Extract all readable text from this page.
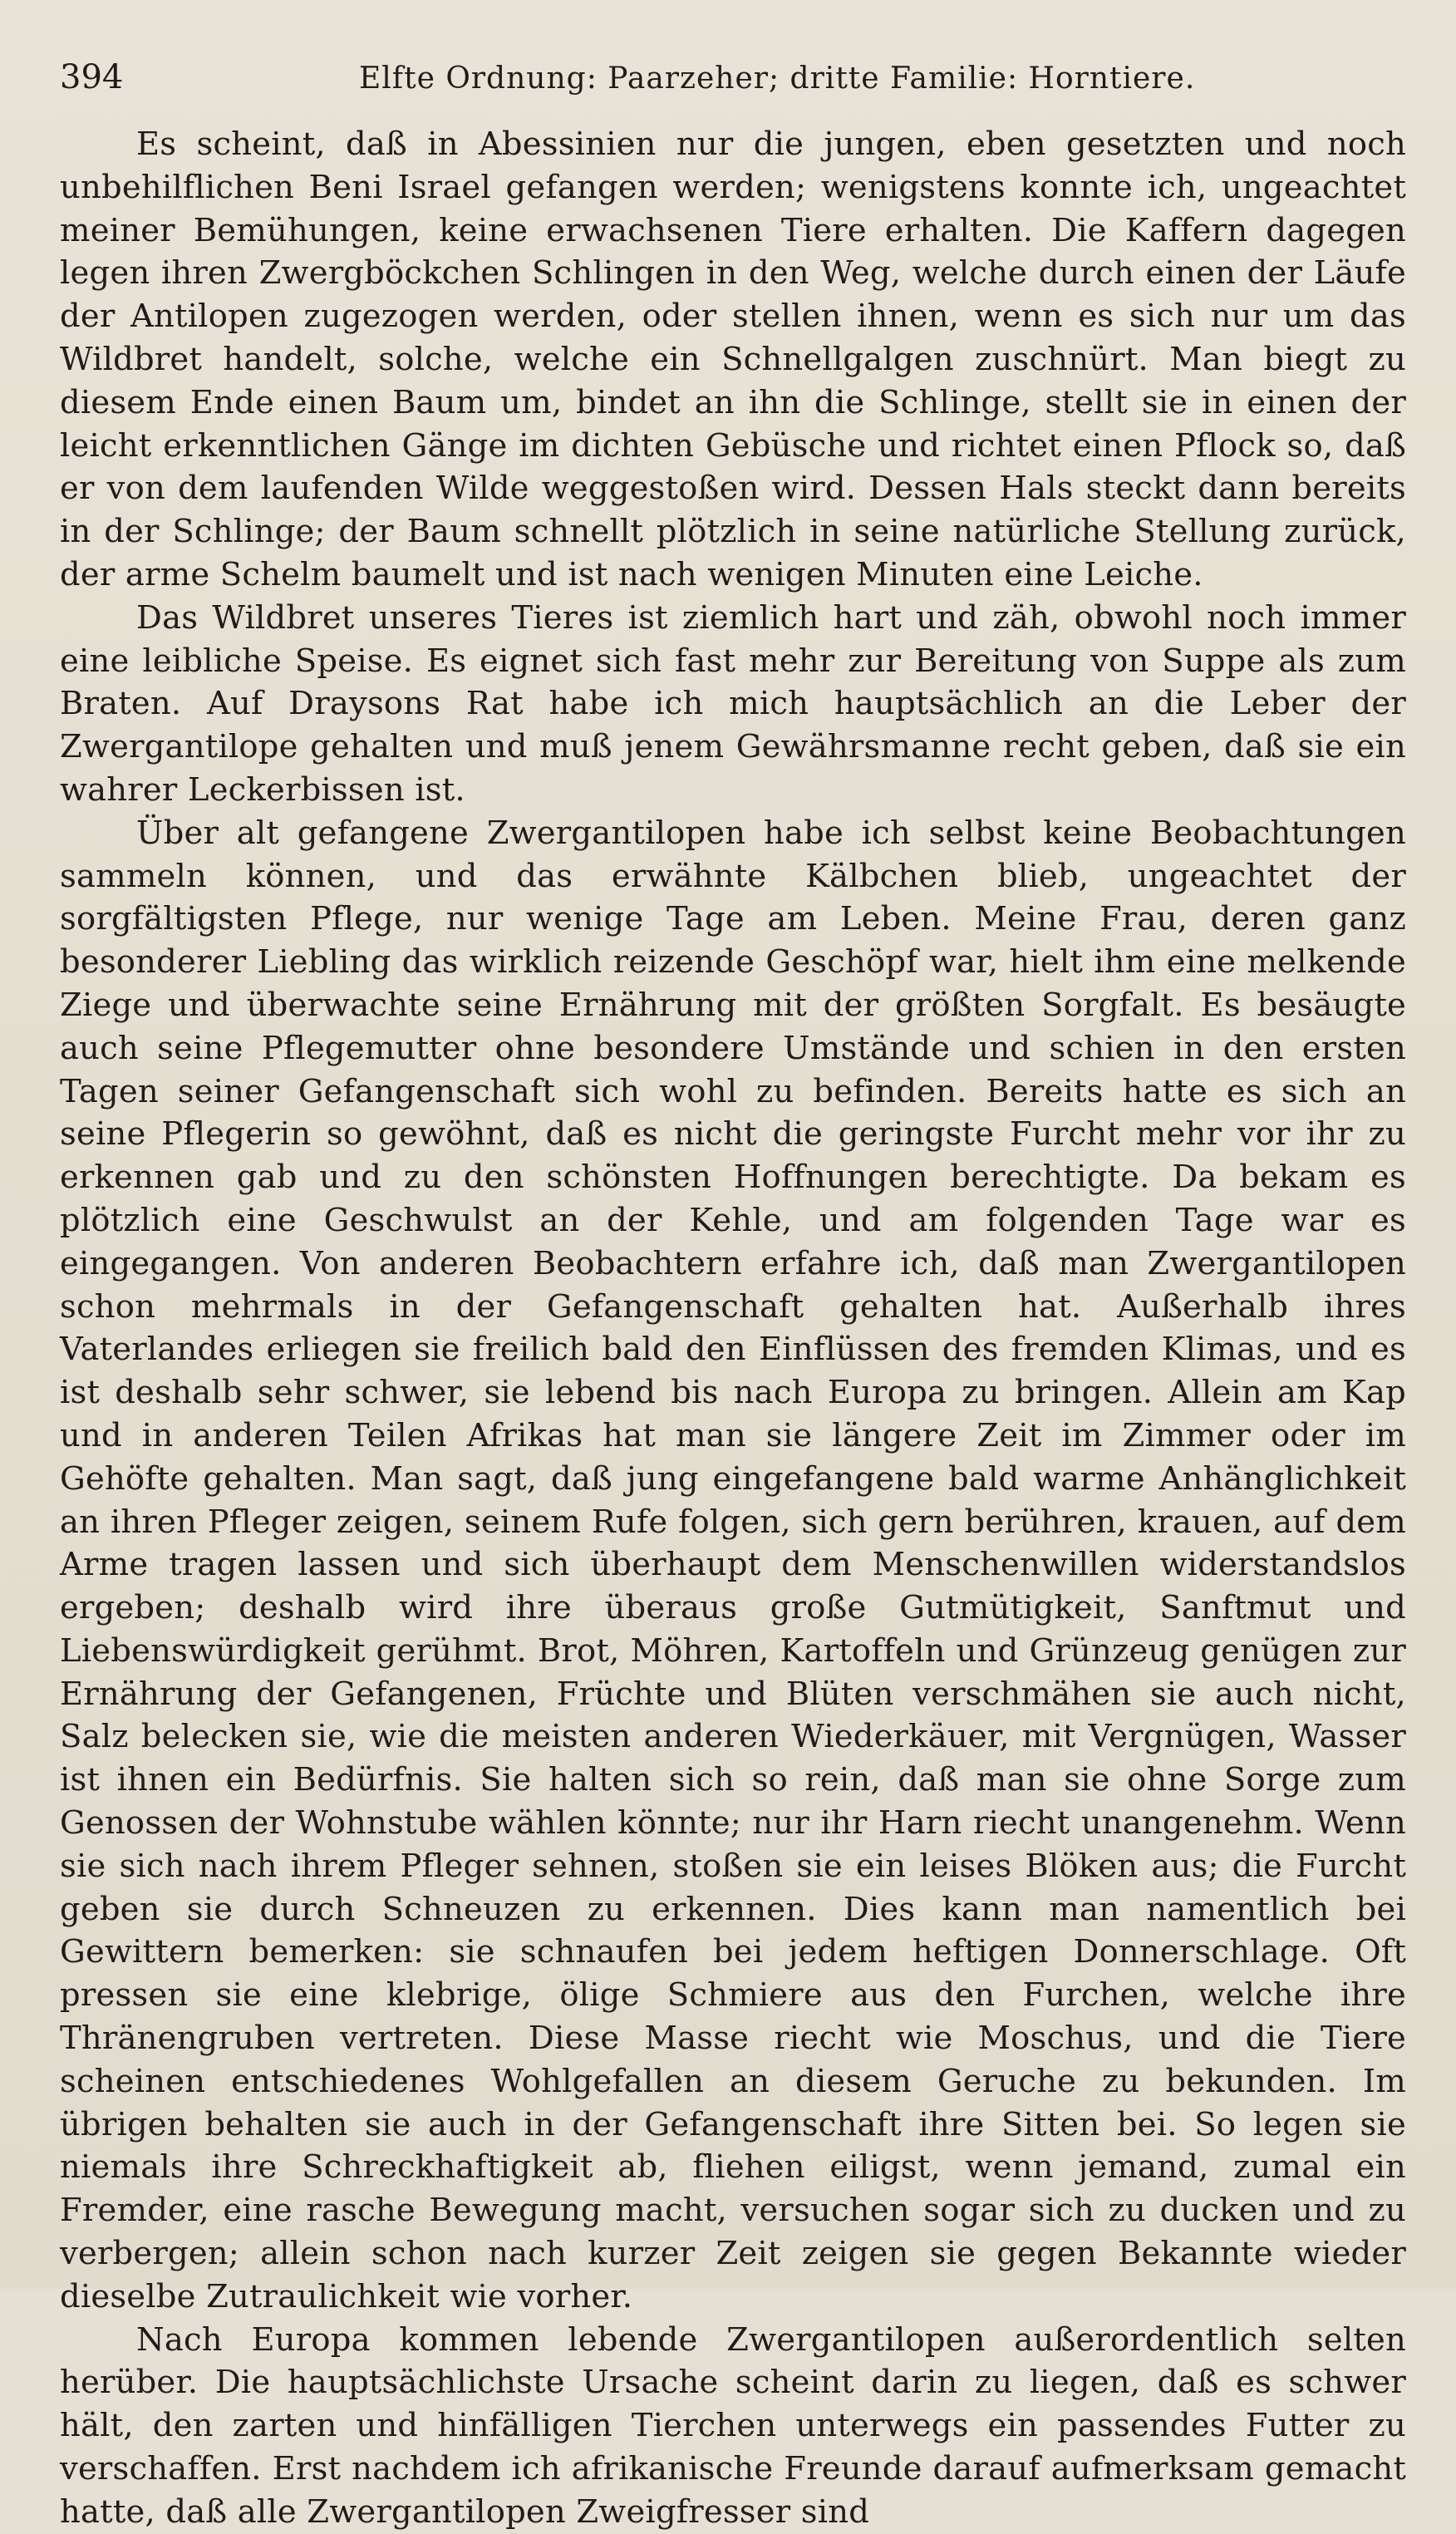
394	Elfte Ordnung: Paarzeher; dritte Familie: Horntiere.

Es scheint, daß in Abessinien nur die jungen, eben gesetzten und noch unbehilflichen Beni Israel gefangen werden; wenigstens konnte ich, ungeachtet meiner Bemühungen, keine erwachsenen Tiere erhalten. Die Kaffern dagegen legen ihren Zwergböckchen Schlingen in den Weg, welche durch einen der Läufe der Antilopen zugezogen werden, oder stellen ihnen, wenn es sich nur um das Wildbret handelt, solche, welche ein Schnellgalgen zuschnürt. Man biegt zu diesem Ende einen Baum um, bindet an ihn die Schlinge, stellt sie in einen der leicht erkenntlichen Gänge im dichten Gebüsche und richtet einen Pflock so, daß er von dem laufenden Wilde weggestoßen wird. Dessen Hals steckt dann bereits in der Schlinge; der Baum schnellt plötzlich in seine natürliche Stellung zurück, der arme Schelm baumelt und ist nach wenigen Minuten eine Leiche.

Das Wildbret unseres Tieres ist ziemlich hart und zäh, obwohl noch immer eine leibliche Speise. Es eignet sich fast mehr zur Bereitung von Suppe als zum Braten. Auf Draysons Rat habe ich mich hauptsächlich an die Leber der Zwergantilope gehalten und muß jenem Gewährsmanne recht geben, daß sie ein wahrer Leckerbissen ist.

Über alt gefangene Zwergantilopen habe ich selbst keine Beobachtungen sammeln können, und das erwähnte Kälbchen blieb, ungeachtet der sorgfältigsten Pflege, nur wenige Tage am Leben. Meine Frau, deren ganz besonderer Liebling das wirklich reizende Geschöpf war, hielt ihm eine melkende Ziege und überwachte seine Ernährung mit der größten Sorgfalt. Es besäugte auch seine Pflegemutter ohne besondere Umstände und schien in den ersten Tagen seiner Gefangenschaft sich wohl zu befinden. Bereits hatte es sich an seine Pflegerin so gewöhnt, daß es nicht die geringste Furcht mehr vor ihr zu erkennen gab und zu den schönsten Hoffnungen berechtigte. Da bekam es plötzlich eine Geschwulst an der Kehle, und am folgenden Tage war es eingegangen. Von anderen Beobachtern erfahre ich, daß man Zwergantilopen schon mehrmals in der Gefangenschaft gehalten hat. Außerhalb ihres Vaterlandes erliegen sie freilich bald den Einflüssen des fremden Klimas, und es ist deshalb sehr schwer, sie lebend bis nach Europa zu bringen. Allein am Kap und in anderen Teilen Afrikas hat man sie längere Zeit im Zimmer oder im Gehöfte gehalten. Man sagt, daß jung eingefangene bald warme Anhänglichkeit an ihren Pfleger zeigen, seinem Rufe folgen, sich gern berühren, krauen, auf dem Arme tragen lassen und sich überhaupt dem Menschenwillen widerstandslos ergeben; deshalb wird ihre überaus große Gutmütigkeit, Sanftmut und Liebenswürdigkeit gerühmt. Brot, Möhren, Kartoffeln und Grünzeug genügen zur Ernährung der Gefangenen, Früchte und Blüten verschmähen sie auch nicht, Salz belecken sie, wie die meisten anderen Wiederkäuer, mit Vergnügen, Wasser ist ihnen ein Bedürfnis. Sie halten sich so rein, daß man sie ohne Sorge zum Genossen der Wohnstube wählen könnte; nur ihr Harn riecht unangenehm. Wenn sie sich nach ihrem Pfleger sehnen, stoßen sie ein leises Blöken aus; die Furcht geben sie durch Schneuzen zu erkennen. Dies kann man namentlich bei Gewittern bemerken: sie schnaufen bei jedem heftigen Donnerschlage. Oft pressen sie eine klebrige, ölige Schmiere aus den Furchen, welche ihre Thränengruben vertreten. Diese Masse riecht wie Moschus, und die Tiere scheinen entschiedenes Wohlgefallen an diesem Geruche zu bekunden. Im übrigen behalten sie auch in der Gefangenschaft ihre Sitten bei. So legen sie niemals ihre Schreckhaftigkeit ab, fliehen eiligst, wenn jemand, zumal ein Fremder, eine rasche Bewegung macht, versuchen sogar sich zu ducken und zu verbergen; allein schon nach kurzer Zeit zeigen sie gegen Bekannte wieder dieselbe Zutraulichkeit wie vorher.

Nach Europa kommen lebende Zwergantilopen außerordentlich selten herüber. Die hauptsächlichste Ursache scheint darin zu liegen, daß es schwer hält, den zarten und hinfälligen Tierchen unterwegs ein passendes Futter zu verschaffen. Erst nachdem ich afrikanische Freunde darauf aufmerksam gemacht hatte, daß alle Zwergantilopen Zweigfresser sind
